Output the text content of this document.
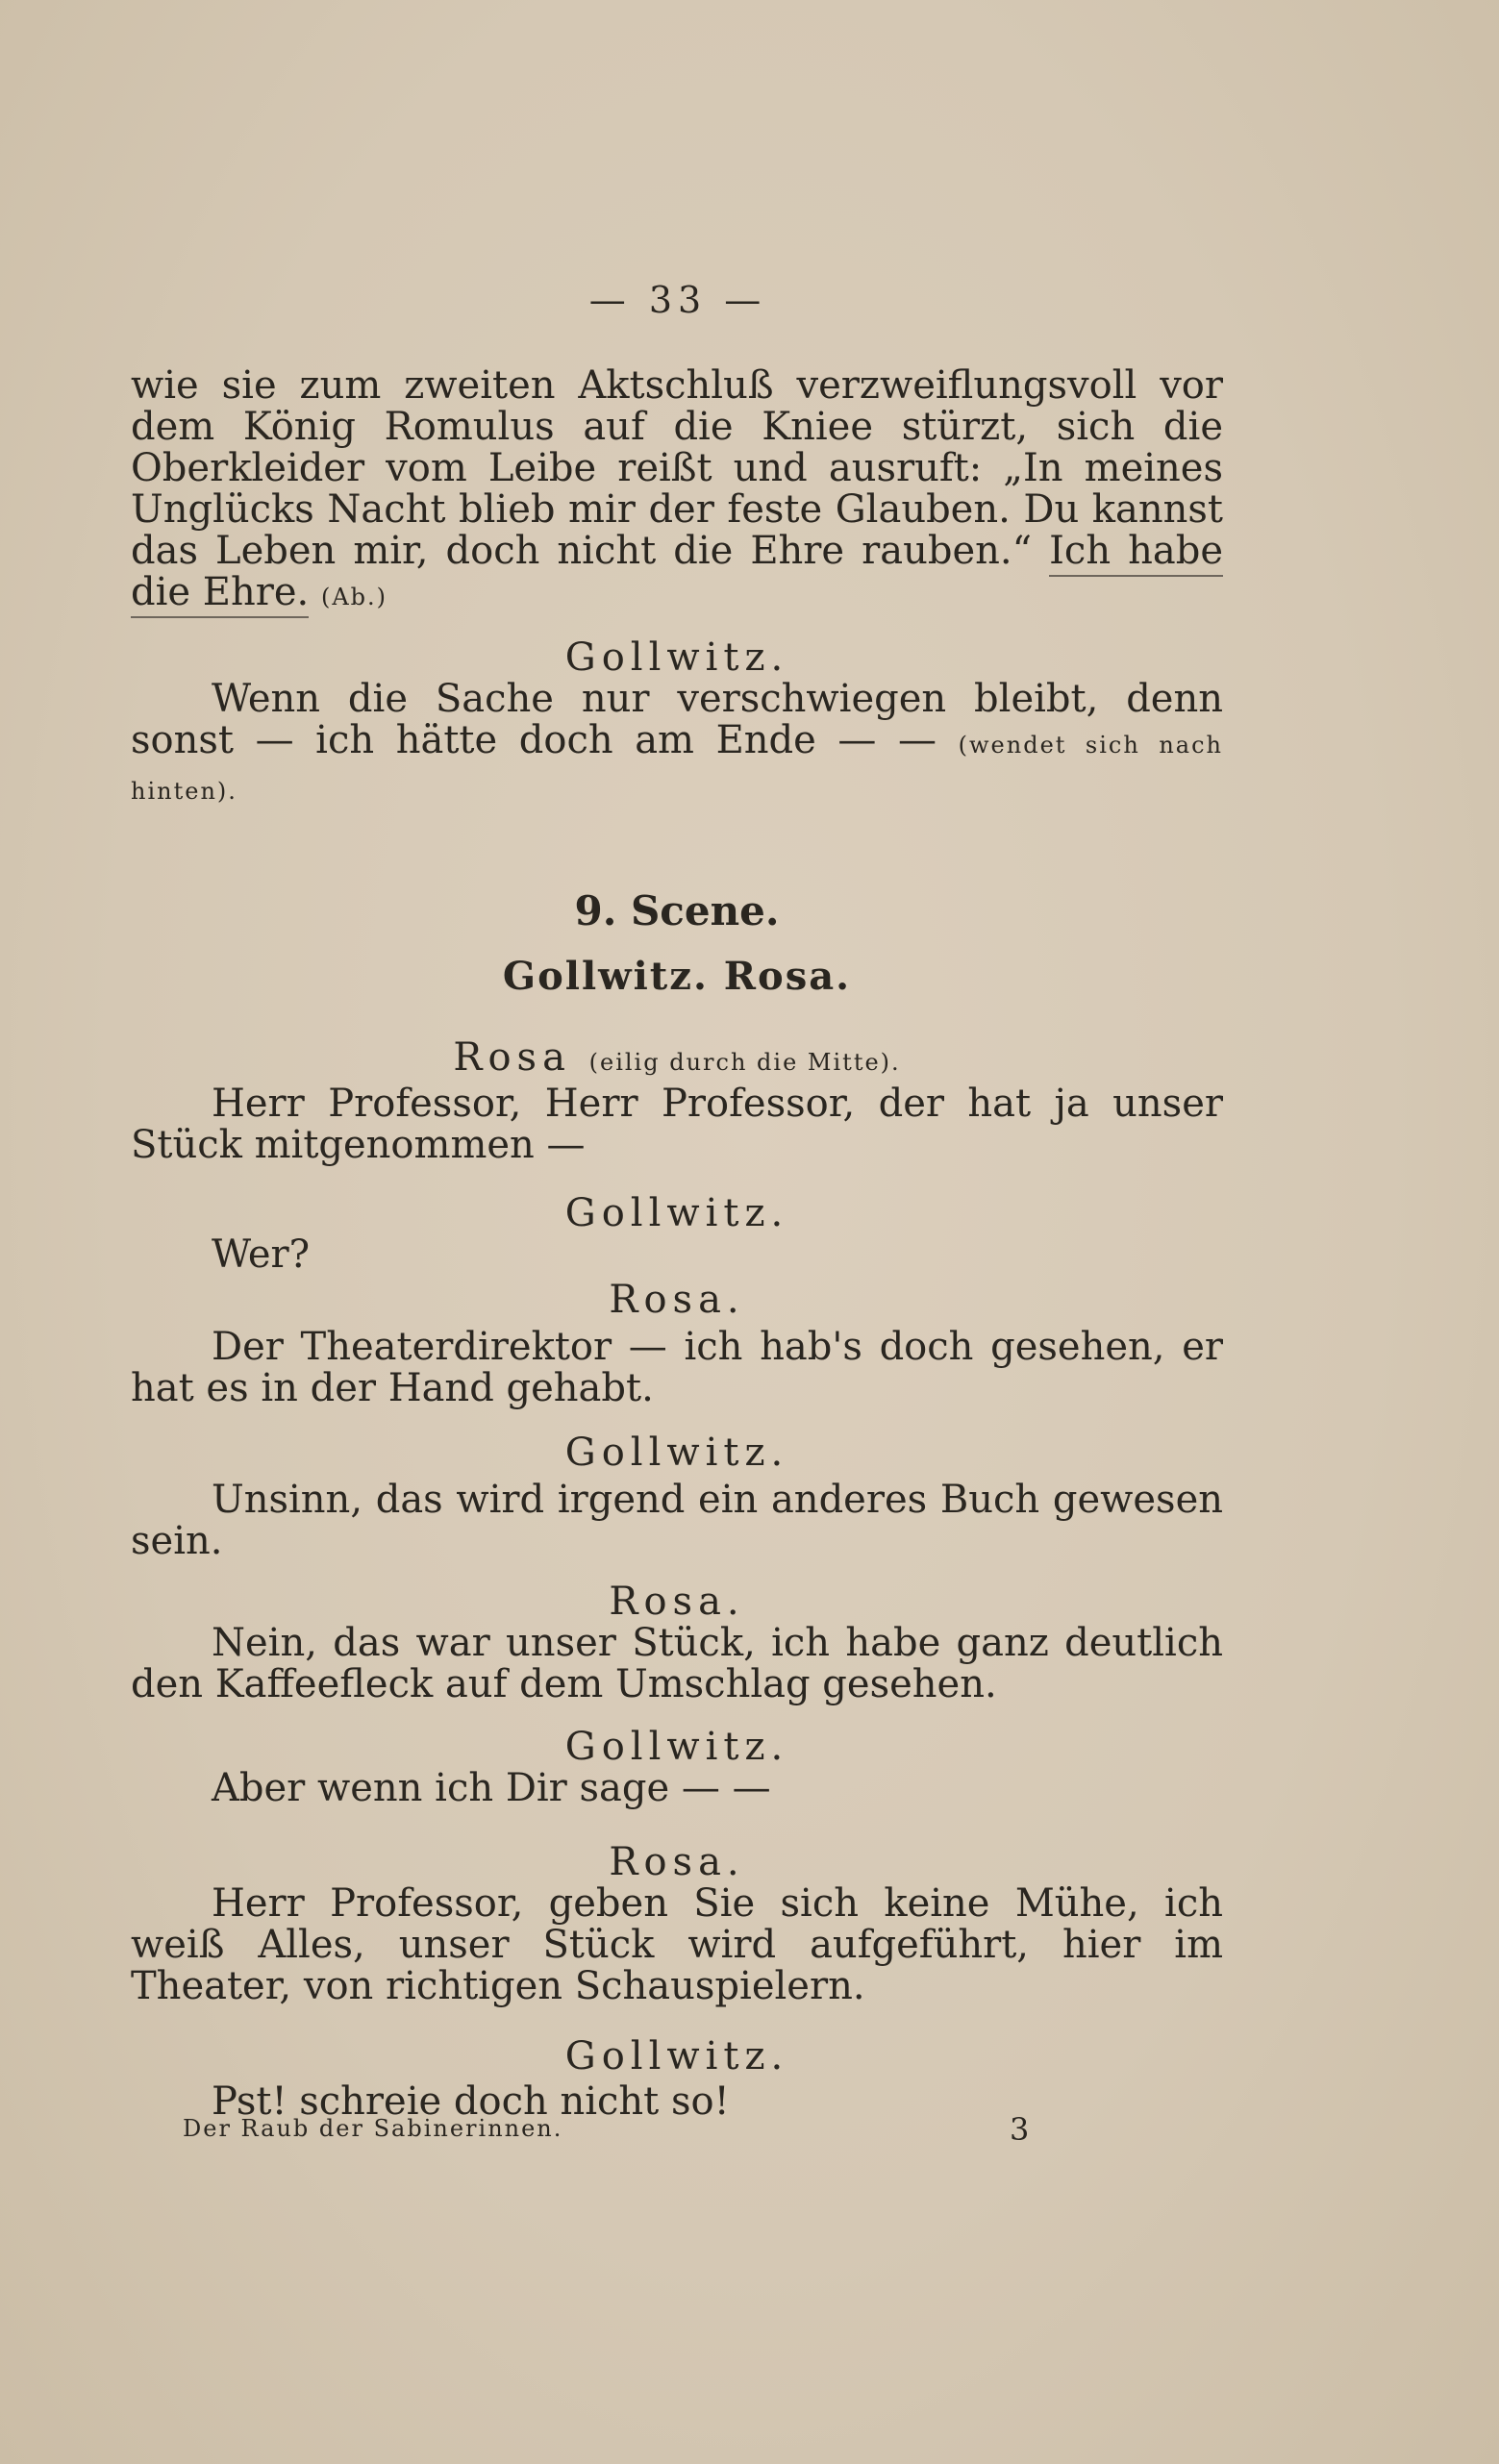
— 33 —

wie sie zum zweiten Aktschluß verzweiflungsvoll vor dem König Romulus auf die Kniee stürzt, sich die Oberkleider vom Leibe reißt und ausruft: „In meines Unglücks Nacht blieb mir der feste Glauben. Du kannst das Leben mir, doch nicht die Ehre rauben.“ Ich habe die Ehre. (Ab.)

Gollwitz.

Wenn die Sache nur verschwiegen bleibt, denn sonst — ich hätte doch am Ende — — (wendet sich nach hinten).

9. Scene.

Gollwitz. Rosa.

Rosa (eilig durch die Mitte).

Herr Professor, Herr Professor, der hat ja unser Stück mitgenommen —

Gollwitz.

Wer?

Rosa.

Der Theaterdirektor — ich hab's doch gesehen, er hat es in der Hand gehabt.

Gollwitz.

Unsinn, das wird irgend ein anderes Buch gewesen sein.

Rosa.

Nein, das war unser Stück, ich habe ganz deutlich den Kaffeefleck auf dem Umschlag gesehen.

Gollwitz.

Aber wenn ich Dir sage — —

Rosa.

Herr Professor, geben Sie sich keine Mühe, ich weiß Alles, unser Stück wird aufgeführt, hier im Theater, von richtigen Schauspielern.

Gollwitz.

Pst! schreie doch nicht so!

Der Raub der Sabinerinnen.	3
